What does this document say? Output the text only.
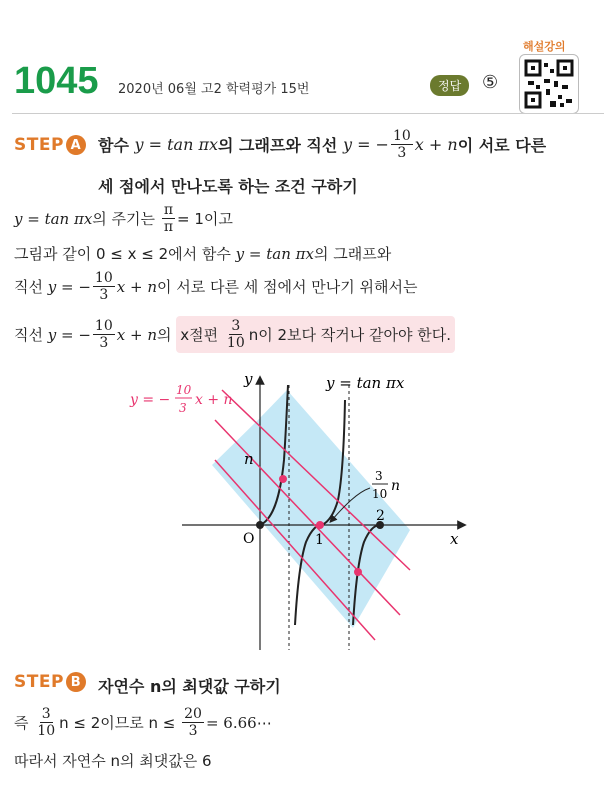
1045 2020년 06월 고2 학력평가 15번	정답	⑤
해설강의
STEP A 함수
y = tan πx 의 그래프와 직선
y = − $\frac{10}{3}$ x + n 이 서로 다른
세 점에서 만나도록 하는 조건 구하기
y = tan πx 의 주기는
$\frac{\pi}{\pi} = 1$이고
그림과 같이 0 ≤ x ≤ 2에서 함수
y = tan πx 의 그래프와
직선
y = − $\frac{10}{3}$ x + n 이 서로 다른 세 점에서 만나기 위해서는
직선
y = − $\frac{10}{3}$ x + n 의
x절편
$\frac{3}{10}$ n이 2보다 작거나 같아야 한다.
y = −
10
3 x + n
y = tan πx
y
x
O	1
2
n
3
10 n
STEP B 자연수 n의 최댓값 구하기
즉
$\frac{3}{10}$ n ≤ 2이므로 n ≤
$\frac{20}{3}$ = 6.66⋯
따라서 자연수 n의 최댓값은 6
